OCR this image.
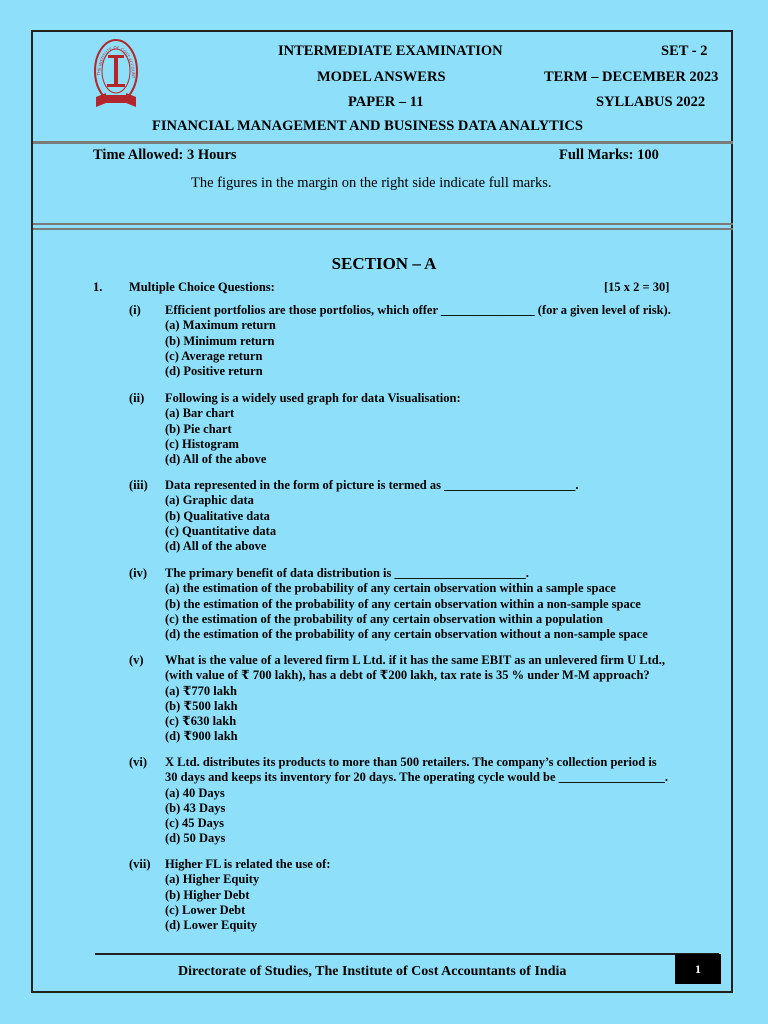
THE INSTITUTE OF COST ACCOUNT
INTERMEDIATE EXAMINATION	SET - 2
MODEL ANSWERS	TERM – DECEMBER 2023
PAPER – 11	SYLLABUS 2022
FINANCIAL MANAGEMENT AND BUSINESS DATA ANALYTICS
Time Allowed: 3 Hours	Full Marks: 100
The figures in the margin on the right side indicate full marks.
SECTION – A
1. Multiple Choice Questions:	[15 x 2 = 30]
(i) Efficient portfolios are those portfolios, which offer _______________ (for a given level of risk).
(a) Maximum return
(b) Minimum return
(c) Average return
(d) Positive return
(ii) Following is a widely used graph for data Visualisation:
(a) Bar chart
(b) Pie chart
(c) Histogram
(d) All of the above
(iii) Data represented in the form of picture is termed as _____________________.
(a) Graphic data
(b) Qualitative data
(c) Quantitative data
(d) All of the above
(iv) The primary benefit of data distribution is _____________________.
(a) the estimation of the probability of any certain observation within a sample space
(b) the estimation of the probability of any certain observation within a non-sample space
(c) the estimation of the probability of any certain observation within a population
(d) the estimation of the probability of any certain observation without a non-sample space
(v) What is the value of a levered firm L Ltd. if it has the same EBIT as an unlevered firm U Ltd.,
(with value of ₹ 700 lakh), has a debt of ₹200 lakh, tax rate is 35 % under M-M approach?
(a) ₹770 lakh
(b) ₹500 lakh
(c) ₹630 lakh
(d) ₹900 lakh
(vi) X Ltd. distributes its products to more than 500 retailers. The company’s collection period is
30 days and keeps its inventory for 20 days. The operating cycle would be _________________.
(a) 40 Days
(b) 43 Days
(c) 45 Days
(d) 50 Days
(vii) Higher FL is related the use of:
(a) Higher Equity
(b) Higher Debt
(c) Lower Debt
(d) Lower Equity
Directorate of Studies, The Institute of Cost Accountants of India	1
